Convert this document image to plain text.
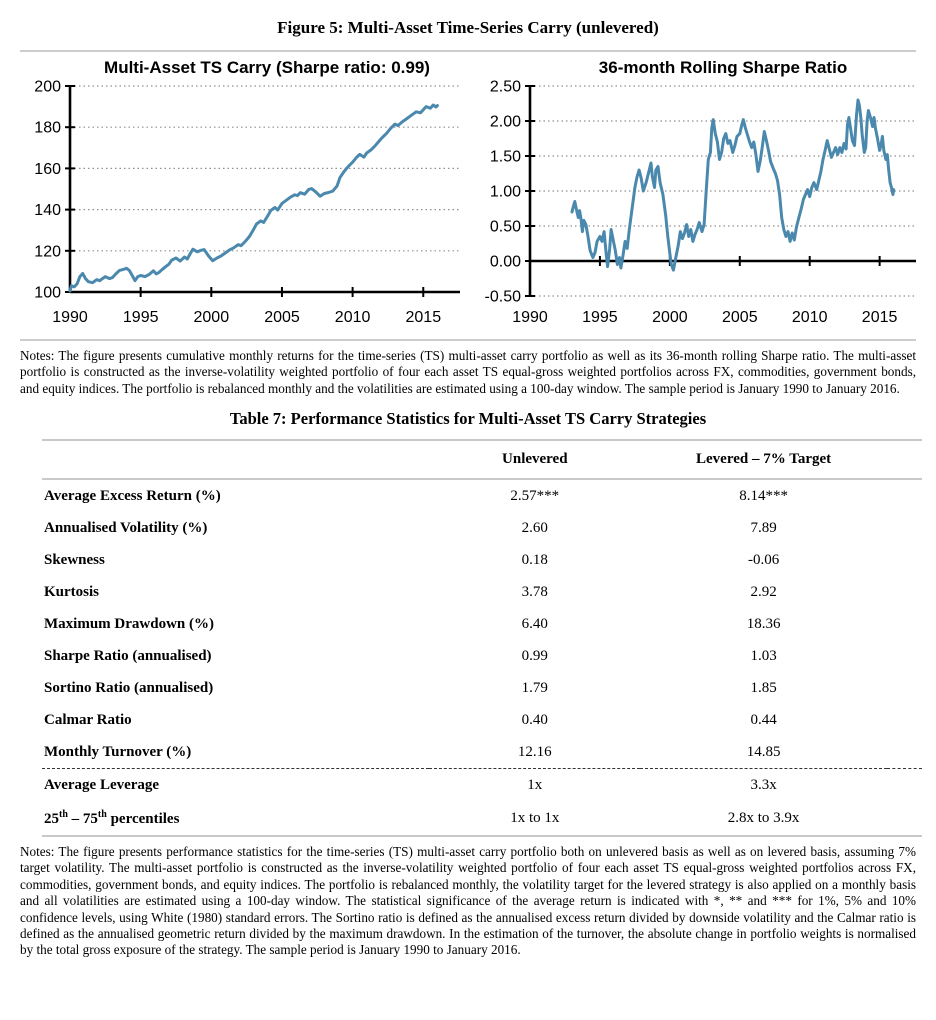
Figure 5: Multi-Asset Time-Series Carry (unlevered)
Multi-Asset TS Carry (Sharpe ratio: 0.99)
100
120
140
160
180
200
1990 1995 2000 2005 2010 2015
36-month Rolling Sharpe Ratio
-0.50
0.00
0.50
1.00
1.50
2.00
2.50
1990 1995 2000 2005 2010 2015

Notes: The figure presents cumulative monthly returns for the time-series (TS) multi-asset carry portfolio as well as its 36-month rolling Sharpe ratio. The multi-asset portfolio is constructed as the inverse-volatility weighted portfolio of four each asset TS equal-gross weighted portfolios across FX, commodities, government bonds, and equity indices. The portfolio is rebalanced monthly and the volatilities are estimated using a 100-day window. The sample period is January 1990 to January 2016.

Table 7: Performance Statistics for Multi-Asset TS Carry Strategies
	Unlevered	Levered – 7% Target	
Average Excess Return (%)	2.57***	8.14***	
Annualised Volatility (%)	2.60	7.89	
Skewness	0.18	-0.06	
Kurtosis	3.78	2.92	
Maximum Drawdown (%)	6.40	18.36	
Sharpe Ratio (annualised)	0.99	1.03	
Sortino Ratio (annualised)	1.79	1.85	
Calmar Ratio	0.40	0.44	
Monthly Turnover (%)	12.16	14.85	
Average Leverage	1x	3.3x	
25th – 75th percentiles	1x to 1x	2.8x to 3.9x	

Notes: The figure presents performance statistics for the time-series (TS) multi-asset carry portfolio both on unlevered basis as well as on levered basis, assuming 7% target volatility. The multi-asset portfolio is constructed as the inverse-volatility weighted portfolio of four each asset TS equal-gross weighted portfolios across FX, commodities, government bonds, and equity indices. The portfolio is rebalanced monthly, the volatility target for the levered strategy is also applied on a monthly basis and all volatilities are estimated using a 100-day window. The statistical significance of the average return is indicated with *, ** and *** for 1%, 5% and 10% confidence levels, using White (1980) standard errors. The Sortino ratio is defined as the annualised excess return divided by downside volatility and the Calmar ratio is defined as the annualised geometric return divided by the maximum drawdown. In the estimation of the turnover, the absolute change in portfolio weights is normalised by the total gross exposure of the strategy. The sample period is January 1990 to January 2016.
